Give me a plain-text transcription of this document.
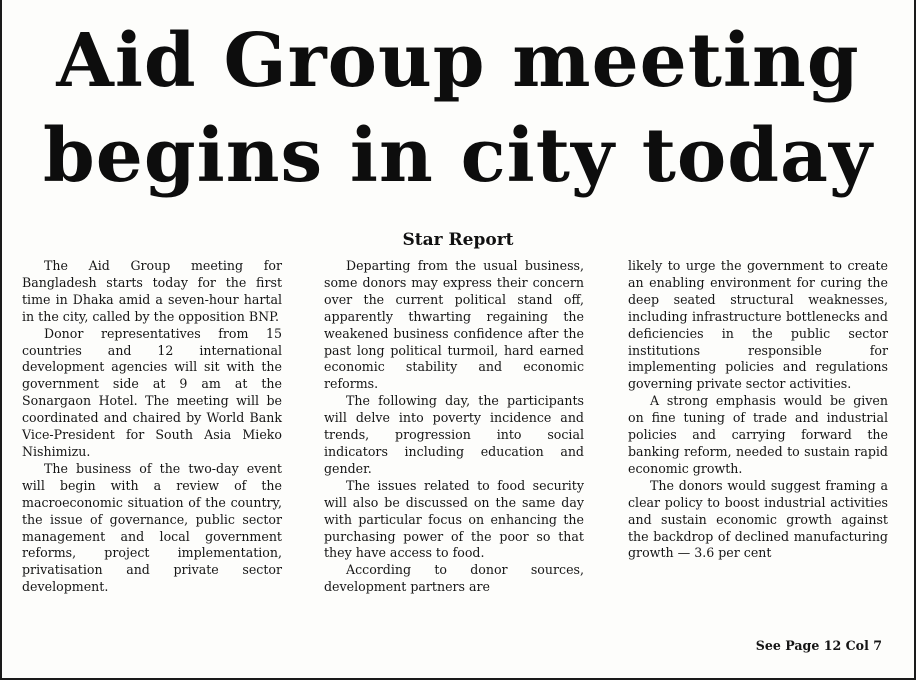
Aid Group meeting
begins in city today
Star Report

The Aid Group meeting for Bangladesh starts today for the first time in Dhaka amid a seven-hour hartal in the city, called by the opposition BNP.

Donor representatives from 15 countries and 12 international development agencies will sit with the government side at 9 am at the Sonargaon Hotel. The meeting will be coordinated and chaired by World Bank Vice-President for South Asia Mieko Nishimizu.

The business of the two-day event will begin with a review of the macroeconomic situation of the country, the issue of governance, public sector management and local government reforms, project implementation, privatisation and private sector development.

Departing from the usual business, some donors may express their concern over the current political stand off, apparently thwarting regaining the weakened business confidence after the past long political turmoil, hard earned economic stability and economic reforms.

The following day, the participants will delve into poverty incidence and trends, progression into social indicators including education and gender.

The issues related to food security will also be discussed on the same day with particular focus on enhancing the purchasing power of the poor so that they have access to food.

According to donor sources, development partners are

likely to urge the government to create an enabling environment for curing the deep seated structural weaknesses, including infrastructure bottlenecks and deficiencies in the public sector institutions responsible for implementing policies and regulations governing private sector activities.

A strong emphasis would be given on fine tuning of trade and industrial policies and carrying forward the banking reform, needed to sustain rapid economic growth.

The donors would suggest framing a clear policy to boost industrial activities and sustain economic growth against the backdrop of declined manufacturing growth — 3.6 per cent

See Page 12 Col 7
